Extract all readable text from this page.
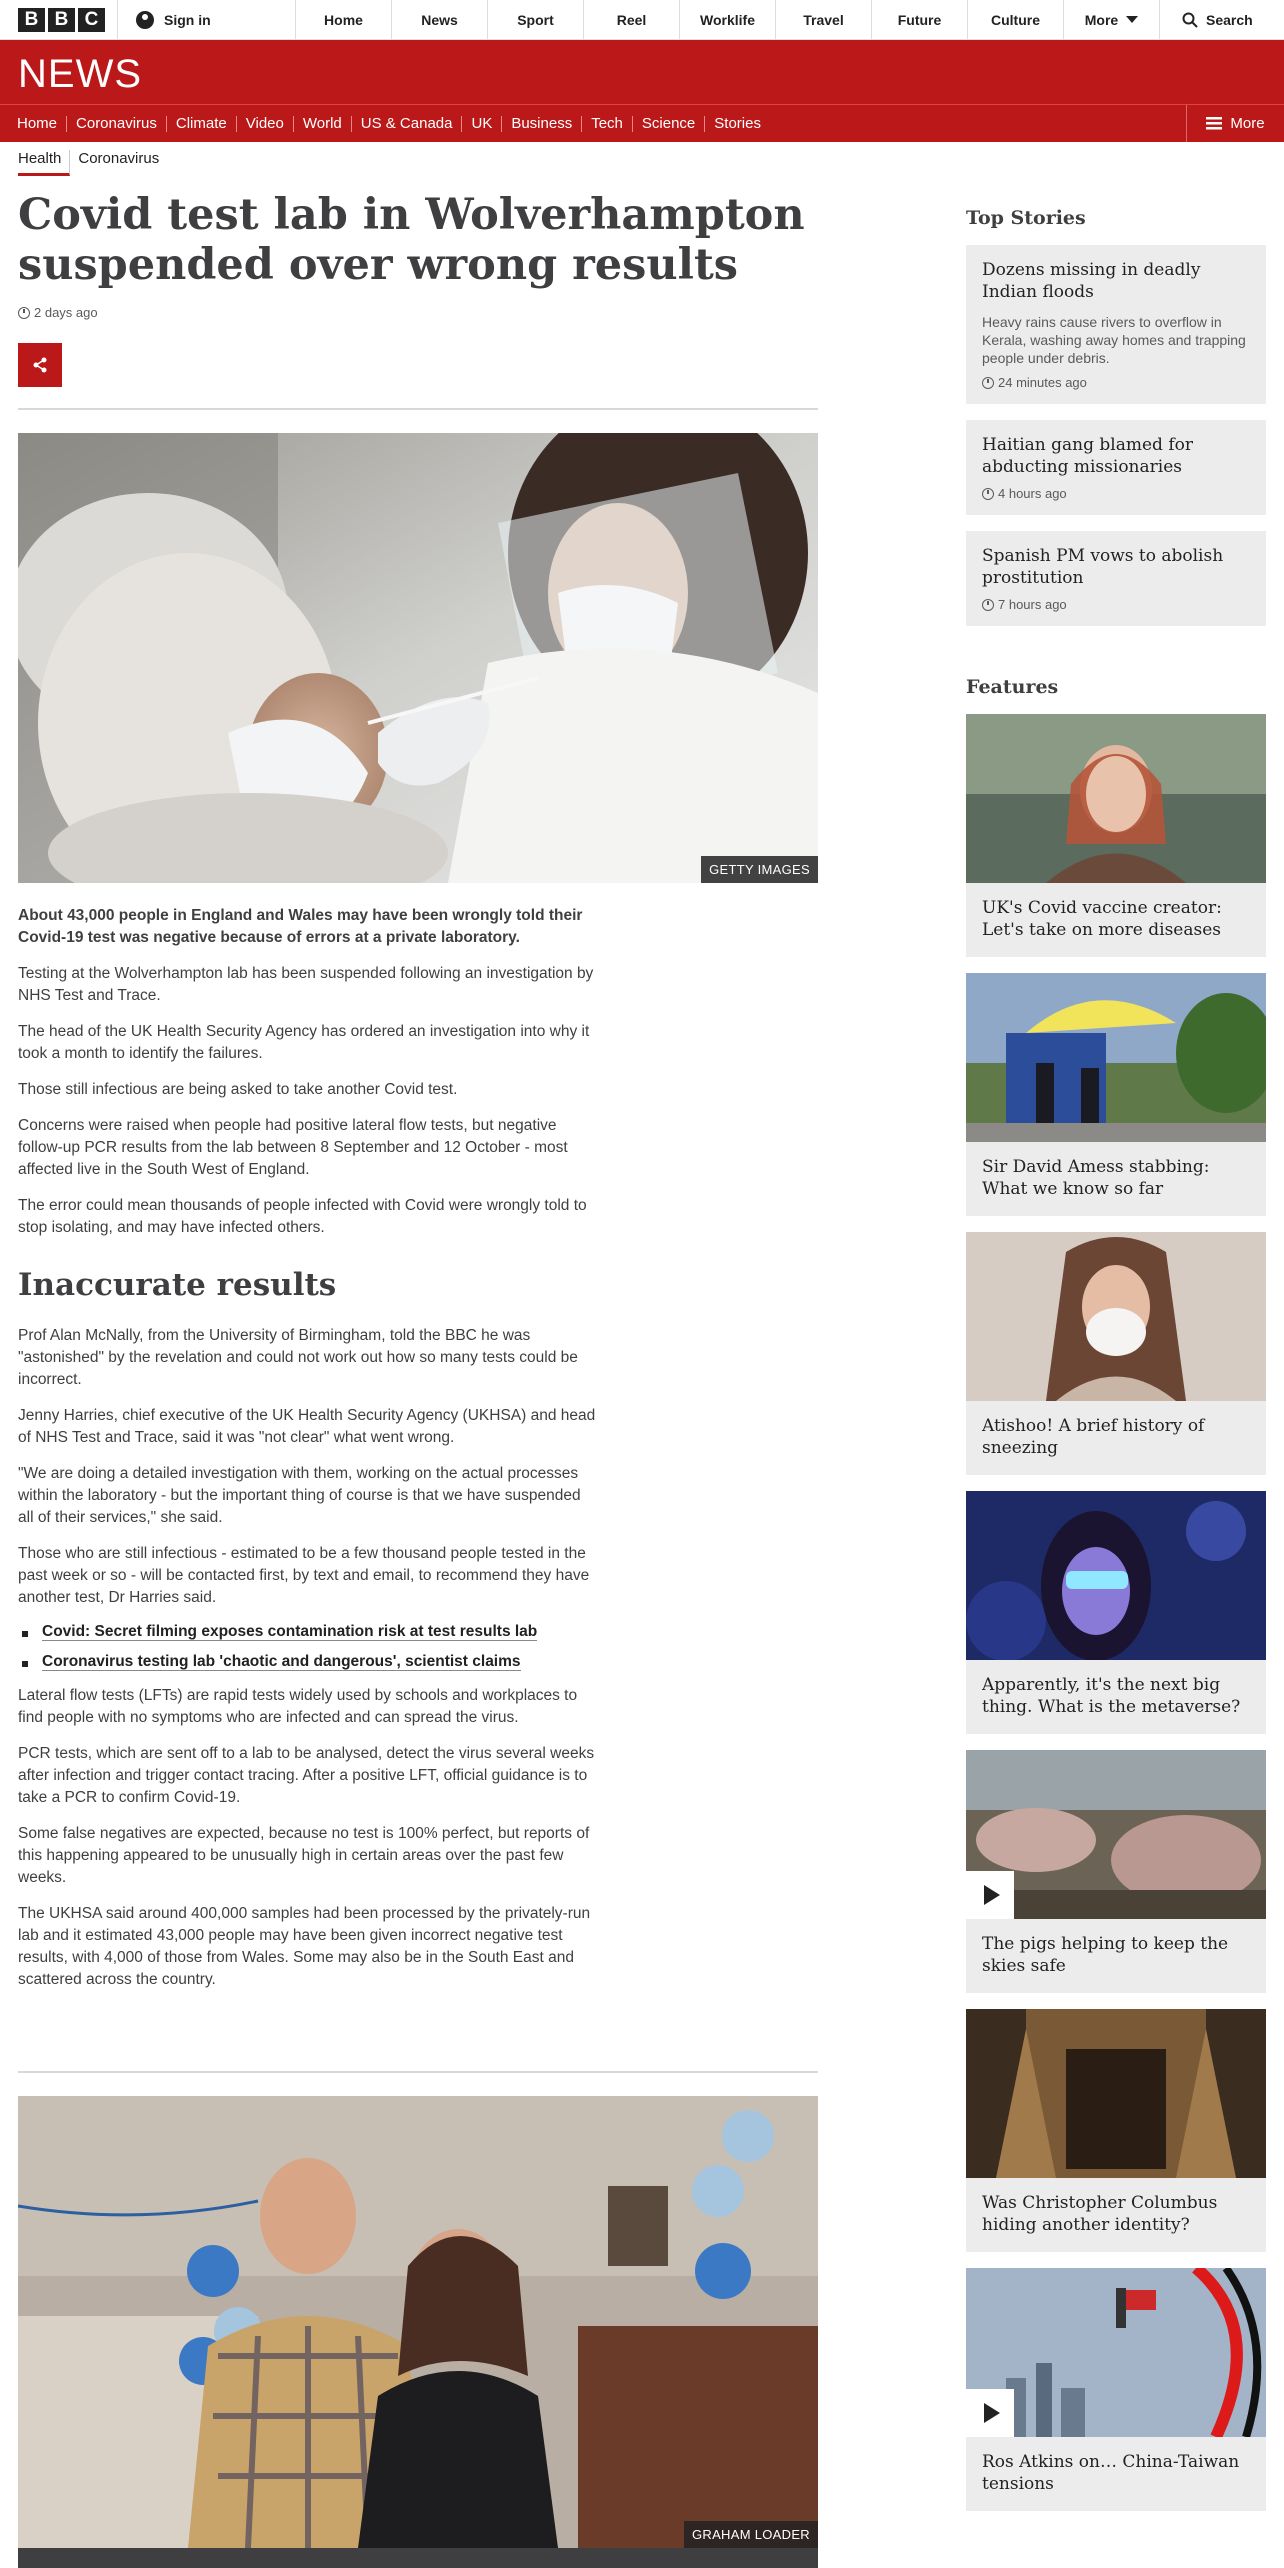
B B C	Sign in	Home	News	Sport	Reel	Worklife	Travel	Future	Culture	More	Search
NEWS
Home	Coronavirus	Climate	Video	World	US & Canada	UK	Business	Tech	Science	Stories	More
Health	Coronavirus
Covid test lab in Wolverhampton suspended over wrong results
2 days ago
GETTY IMAGES

About 43,000 people in England and Wales may have been wrongly told their Covid-19 test was negative because of errors at a private laboratory.

Testing at the Wolverhampton lab has been suspended following an investigation by NHS Test and Trace.

The head of the UK Health Security Agency has ordered an investigation into why it took a month to identify the failures.

Those still infectious are being asked to take another Covid test.

Concerns were raised when people had positive lateral flow tests, but negative follow-up PCR results from the lab between 8 September and 12 October - most affected live in the South West of England.

The error could mean thousands of people infected with Covid were wrongly told to stop isolating, and may have infected others.

Inaccurate results

Prof Alan McNally, from the University of Birmingham, told the BBC he was "astonished" by the revelation and could not work out how so many tests could be incorrect.

Jenny Harries, chief executive of the UK Health Security Agency (UKHSA) and head of NHS Test and Trace, said it was "not clear" what went wrong.

"We are doing a detailed investigation with them, working on the actual processes within the laboratory - but the important thing of course is that we have suspended all of their services," she said.

Those who are still infectious - estimated to be a few thousand people tested in the past week or so - will be contacted first, by text and email, to recommend they have another test, Dr Harries said.

Covid: Secret filming exposes contamination risk at test results lab
Coronavirus testing lab 'chaotic and dangerous', scientist claims

Lateral flow tests (LFTs) are rapid tests widely used by schools and workplaces to find people with no symptoms who are infected and can spread the virus.

PCR tests, which are sent off to a lab to be analysed, detect the virus several weeks after infection and trigger contact tracing. After a positive LFT, official guidance is to take a PCR to confirm Covid-19.

Some false negatives are expected, because no test is 100% perfect, but reports of this happening appeared to be unusually high in certain areas over the past few weeks.

The UKHSA said around 400,000 samples had been processed by the privately-run lab and it estimated 43,000 people may have been given incorrect negative test results, with 4,000 of those from Wales. Some may also be in the South East and scattered across the country.

GRAHAM LOADER
Top Stories
Dozens missing in deadly Indian floods
Heavy rains cause rivers to overflow in Kerala, washing away homes and trapping people under debris.
24 minutes ago
Haitian gang blamed for abducting missionaries
4 hours ago
Spanish PM vows to abolish prostitution
7 hours ago
Features
UK's Covid vaccine creator: Let's take on more diseases
Sir David Amess stabbing: What we know so far
Atishoo! A brief history of sneezing
Apparently, it's the next big thing. What is the metaverse?
The pigs helping to keep the skies safe
Was Christopher Columbus hiding another identity?
Ros Atkins on… China-Taiwan tensions
